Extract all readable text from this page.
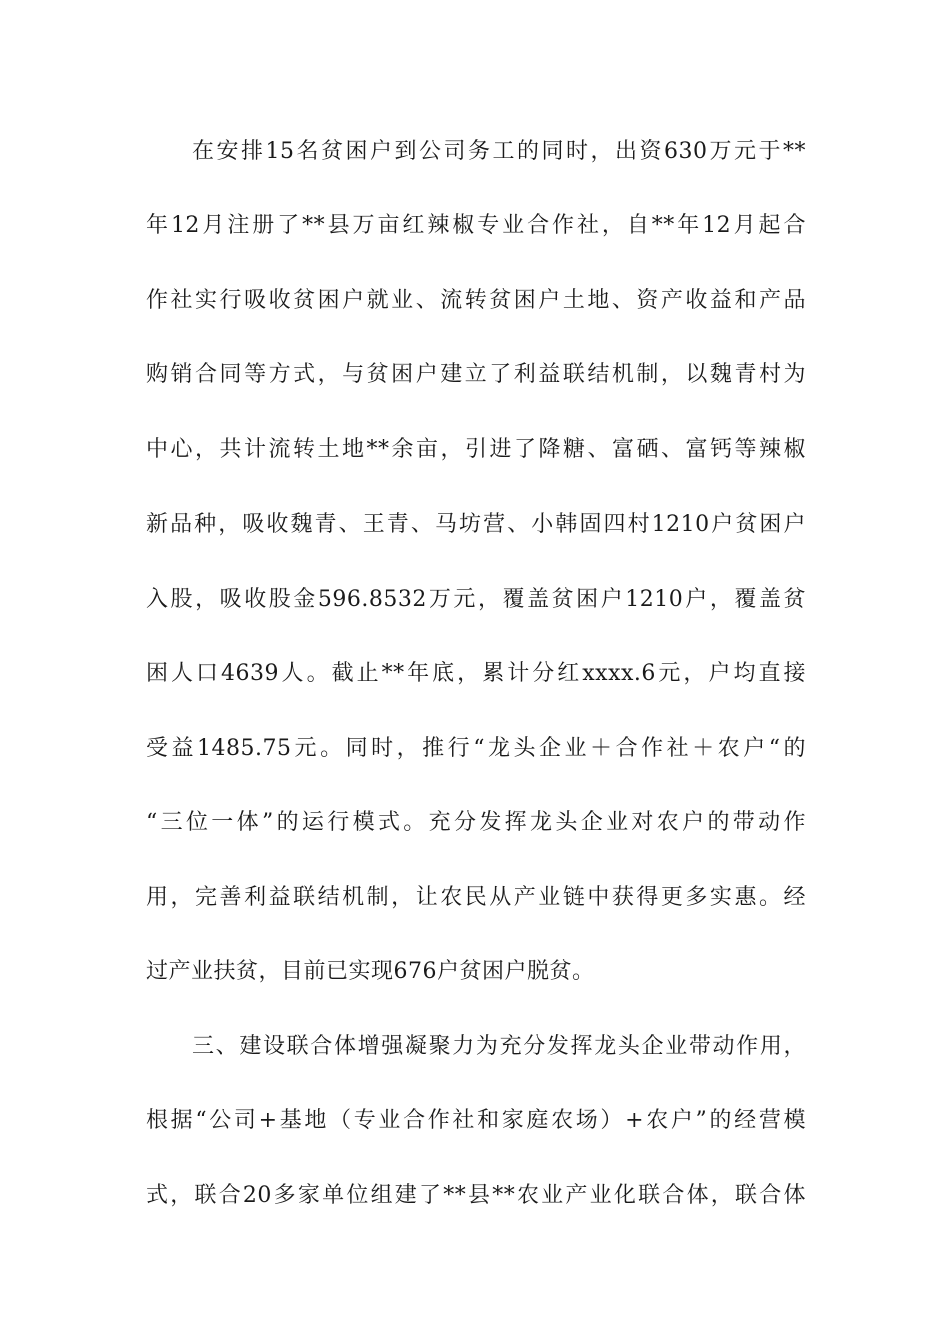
在安排15名贫困户到公司务工的同时，出资630万元于**
年12月注册了**县万亩红辣椒专业合作社，自**年12月起合
作社实行吸收贫困户就业、流转贫困户土地、资产收益和产品
购销合同等方式，与贫困户建立了利益联结机制，以魏青村为
中心，共计流转土地**余亩，引进了降糖、富硒、富钙等辣椒
新品种，吸收魏青、王青、马坊营、小韩固四村1210户贫困户
入股，吸收股金596.8532万元，覆盖贫困户1210户，覆盖贫
困人口4639人。截止**年底，累计分红xxxx.6元，户均直接
受益1485.75元。同时，推行“龙头企业＋合作社＋农户“的
“三位一体”的运行模式。充分发挥龙头企业对农户的带动作
用，完善利益联结机制，让农民从产业链中获得更多实惠。经
过产业扶贫，目前已实现676户贫困户脱贫。
三、建设联合体增强凝聚力为充分发挥龙头企业带动作用，
根据“公司+基地（专业合作社和家庭农场）+农户”的经营模
式，联合20多家单位组建了**县**农业产业化联合体，联合体
